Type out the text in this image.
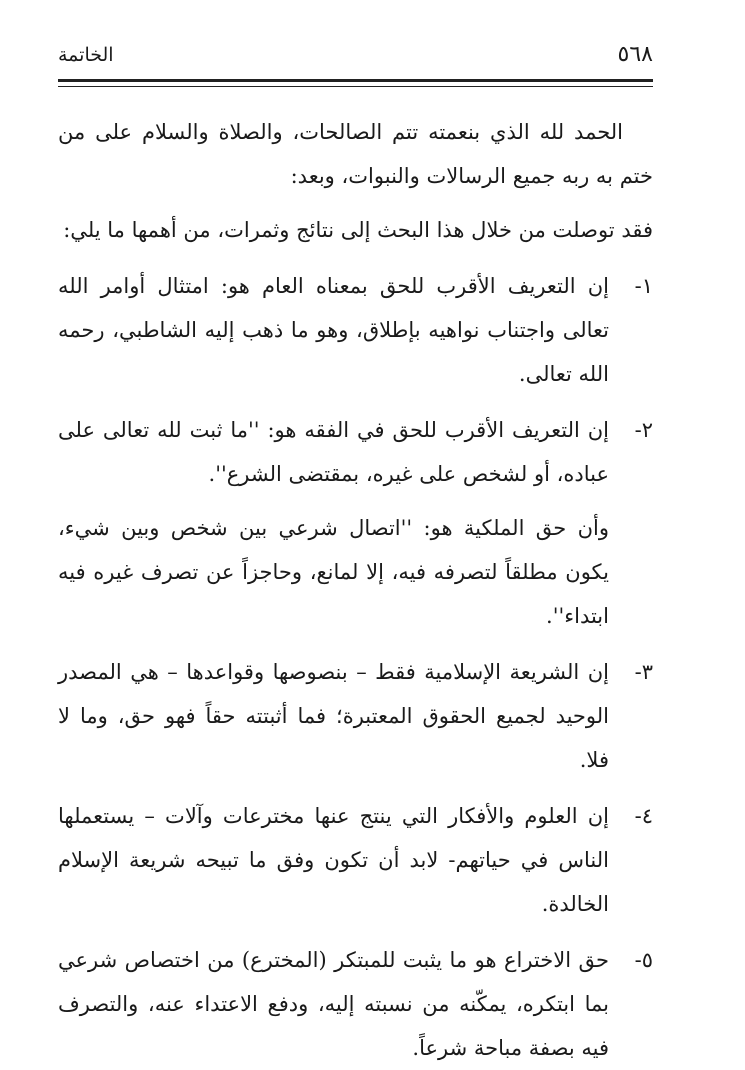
٥٦٨
الخاتمة

الحمد لله الذي بنعمته تتم الصالحات، والصلاة والسلام على من ختم به ربه جميع الرسالات والنبوات، وبعد:

فقد توصلت من خلال هذا البحث إلى نتائج وثمرات، من أهمها ما يلي:

١-
إن التعريف الأقرب للحق بمعناه العام هو: امتثال أوامر الله تعالى واجتناب نواهيه بإطلاق، وهو ما ذهب إليه الشاطبي، رحمه الله تعالى.
٢-
إن التعريف الأقرب للحق في الفقه هو: ''ما ثبت لله تعالى على عباده، أو لشخص على غيره، بمقتضى الشرع''.

وأن حق الملكية هو: ''اتصال شرعي بين شخص وبين شيء، يكون مطلقاً لتصرفه فيه، إلا لمانع، وحاجزاً عن تصرف غيره فيه ابتداء''.

٣-
إن الشريعة الإسلامية فقط – بنصوصها وقواعدها – هي المصدر الوحيد لجميع الحقوق المعتبرة؛ فما أثبتته حقاً فهو حق، وما لا فلا.
٤-
إن العلوم والأفكار التي ينتج عنها مخترعات وآلات – يستعملها الناس في حياتهم- لابد أن تكون وفق ما تبيحه شريعة الإسلام الخالدة.
٥-
حق الاختراع هو ما يثبت للمبتكر (المخترع) من اختصاص شرعي بما ابتكره، يمكّنه من نسبته إليه، ودفع الاعتداء عنه، والتصرف فيه بصفة مباحة شرعاً.
